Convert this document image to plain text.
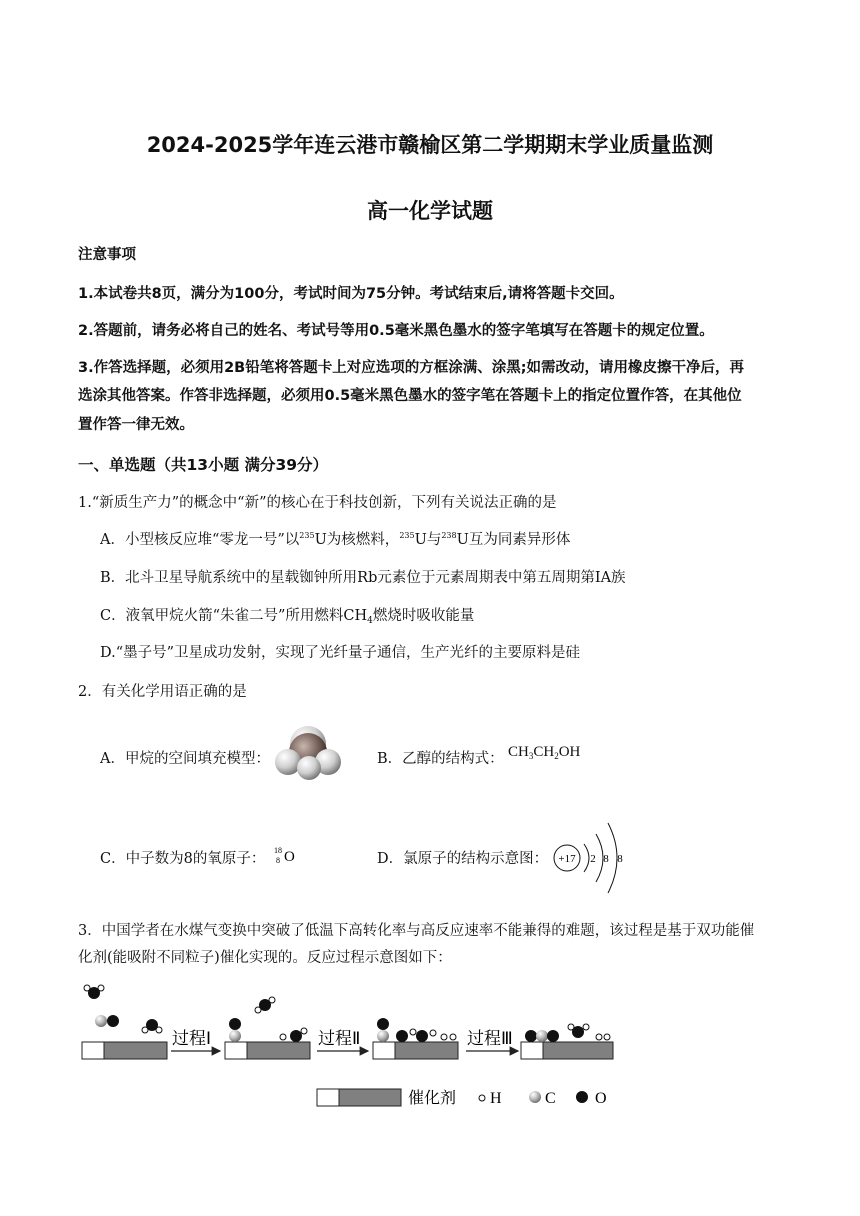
2024-2025学年连云港市赣榆区第二学期期末学业质量监测
高一化学试题
注意事项
1.本试卷共8页，满分为100分，考试时间为75分钟。考试结束后,请将答题卡交回。
2.答题前，请务必将自己的姓名、考试号等用0.5毫米黑色墨水的签字笔填写在答题卡的规定位置。
3.作答选择题，必须用2B铅笔将答题卡上对应选项的方框涂满、涂黑;如需改动，请用橡皮擦干净后，再
选涂其他答案。作答非选择题，必须用0.5毫米黑色墨水的签字笔在答题卡上的指定位置作答，在其他位
置作答一律无效。
一、单选题（共13小题 满分39分）
1.“新质生产力”的概念中“新”的核心在于科技创新，下列有关说法正确的是
A．小型核反应堆“零龙一号”以$^{235}$U为核燃料，$^{235}$U与$^{238}$U互为同素异形体
B．北斗卫星导航系统中的星载铷钟所用Rb元素位于元素周期表中第五周期第ⅠA族
C．液氧甲烷火箭“朱雀二号”所用燃料$CH_4$燃烧时吸收能量
D.“墨子号”卫星成功发射，实现了光纤量子通信，生产光纤的主要原料是硅
2．有关化学用语正确的是
A．甲烷的空间填充模型：	B．乙醇的结构式： $CH_3CH_2OH$
C．中子数为8的氧原子：
18
8 O	D．氯原子的结构示意图： +17 2 8 8
3．中国学者在水煤气变换中突破了低温下高转化率与高反应速率不能兼得的难题，该过程是基于双功能催
化剂(能吸附不同粒子)催化实现的。反应过程示意图如下：
过程Ⅰ	过程Ⅱ	过程Ⅲ
催化剂 H	C O
